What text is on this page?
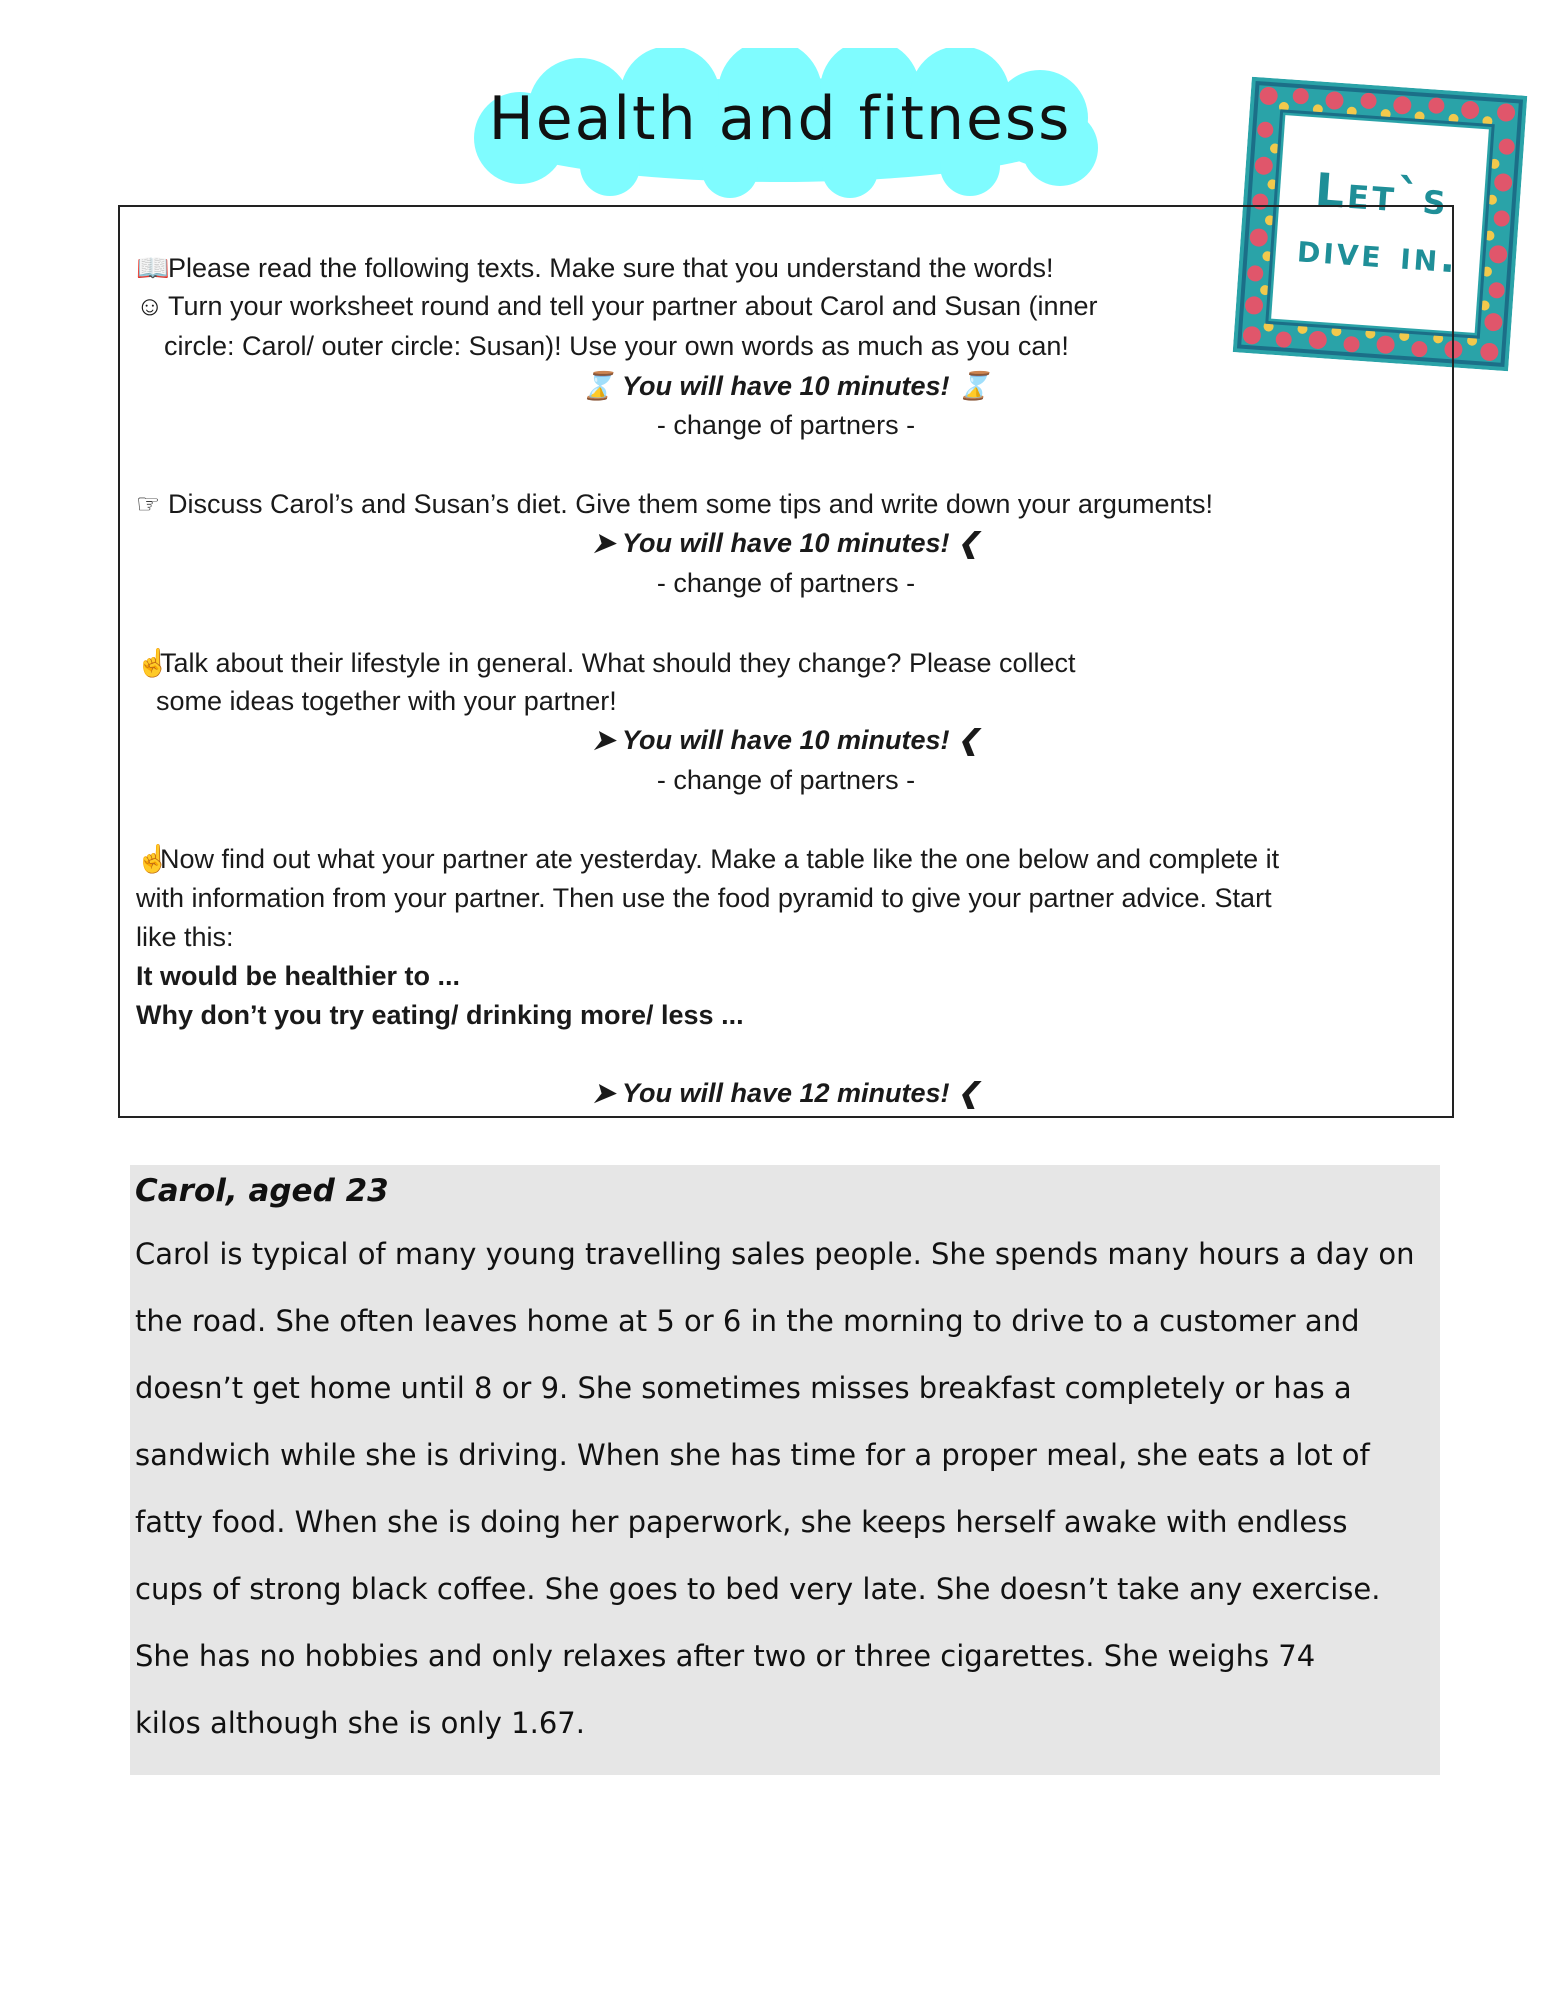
Health and fitness
Let`s
dive in.
📖Please read the following texts. Make sure that you understand the words!
☺ Turn your worksheet round and tell your partner about Carol and Susan (inner
circle: Carol/ outer circle: Susan)! Use your own words as much as you can!
⌛ You will have 10 minutes! ⌛
- change of partners -
☞ Discuss Carol’s and Susan’s diet. Give them some tips and write down your arguments!
➤ You will have 10 minutes! ❮
- change of partners -
☝Talk about their lifestyle in general. What should they change? Please collect
some ideas together with your partner!
➤ You will have 10 minutes! ❮
- change of partners -
☝Now find out what your partner ate yesterday. Make a table like the one below and complete it
with information from your partner. Then use the food pyramid to give your partner advice. Start
like this:
It would be healthier to ...
Why don’t you try eating/ drinking more/ less ...
➤ You will have 12 minutes! ❮
Carol, aged 23
Carol is typical of many young travelling sales people. She spends many hours a day on
the road. She often leaves home at 5 or 6 in the morning to drive to a customer and
doesn’t get home until 8 or 9. She sometimes misses breakfast completely or has a
sandwich while she is driving. When she has time for a proper meal, she eats a lot of
fatty food. When she is doing her paperwork, she keeps herself awake with endless
cups of strong black coffee. She goes to bed very late. She doesn’t take any exercise.
She has no hobbies and only relaxes after two or three cigarettes. She weighs 74
kilos although she is only 1.67.
